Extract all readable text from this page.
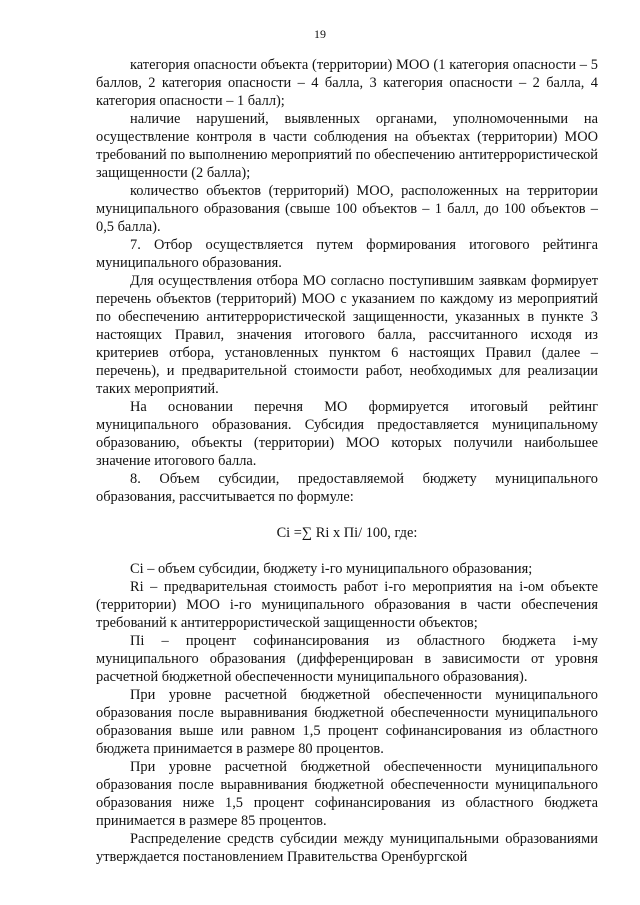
19

категория опасности объекта (территории) МОО (1 категория опасности – 5 баллов, 2 категория опасности – 4 балла, 3 категория опасности – 2 балла, 4 категория опасности – 1 балл);

наличие нарушений, выявленных органами, уполномоченными на осуществление контроля в части соблюдения на объектах (территории) МОО требований по выполнению мероприятий по обеспечению антитеррористической защищенности (2 балла);

количество объектов (территорий) МОО, расположенных на территории муниципального образования (свыше 100 объектов – 1 балл, до 100 объектов – 0,5 балла).

7. Отбор осуществляется путем формирования итогового рейтинга муниципального образования.

Для осуществления отбора МО согласно поступившим заявкам формирует перечень объектов (территорий) МОО с указанием по каждому из мероприятий по обеспечению антитеррористической защищенности, указанных в пункте 3 настоящих Правил, значения итогового балла, рассчитанного исходя из критериев отбора, установленных пунктом 6 настоящих Правил (далее – перечень), и предварительной стоимости работ, необходимых для реализации таких мероприятий.

На основании перечня МО формируется итоговый рейтинг муниципального образования. Субсидия предоставляется муниципальному образованию, объекты (территории) МОО которых получили наибольшее значение итогового балла.

8. Объем субсидии, предоставляемой бюджету муниципального образования, рассчитывается по формуле:

Ci =∑ Ri x Пi/ 100, где:

Ci – объем субсидии, бюджету i-го муниципального образования;

Ri – предварительная стоимость работ i-го мероприятия на i-ом объекте (территории) МОО i-го муниципального образования в части обеспечения требований к антитеррористической защищенности объектов;

Пi – процент софинансирования из областного бюджета i-му муниципального образования (дифференцирован в зависимости от уровня расчетной бюджетной обеспеченности муниципального образования).

При уровне расчетной бюджетной обеспеченности муниципального образования после выравнивания бюджетной обеспеченности муниципального образования выше или равном 1,5 процент софинансирования из областного бюджета принимается в размере 80 процентов.

При уровне расчетной бюджетной обеспеченности муниципального образования после выравнивания бюджетной обеспеченности муниципального образования ниже 1,5 процент софинансирования из областного бюджета принимается в размере 85 процентов.

Распределение средств субсидии между муниципальными образованиями утверждается постановлением Правительства Оренбургской
